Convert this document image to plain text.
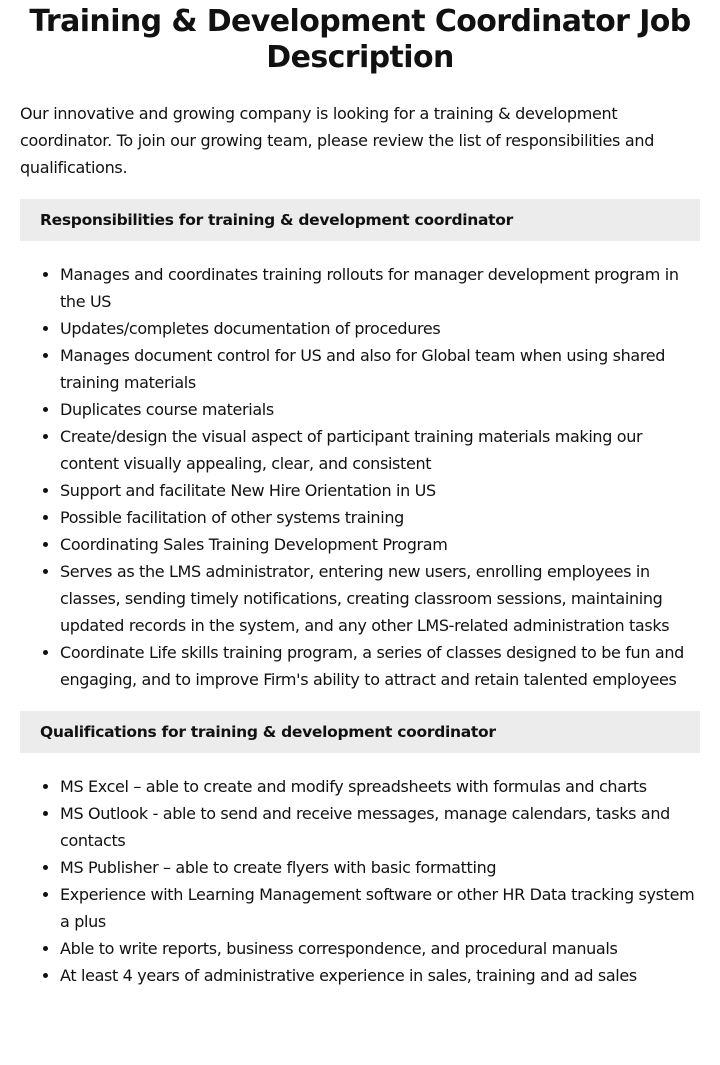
Training & Development Coordinator Job Description

Our innovative and growing company is looking for a training & development coordinator. To join our growing team, please review the list of responsibilities and qualifications.

Responsibilities for training & development coordinator
Manages and coordinates training rollouts for manager development program in the US
Updates/completes documentation of procedures
Manages document control for US and also for Global team when using shared training materials
Duplicates course materials
Create/design the visual aspect of participant training materials making our content visually appealing, clear, and consistent
Support and facilitate New Hire Orientation in US
Possible facilitation of other systems training
Coordinating Sales Training Development Program
Serves as the LMS administrator, entering new users, enrolling employees in classes, sending timely notifications, creating classroom sessions, maintaining updated records in the system, and any other LMS-related administration tasks
Coordinate Life skills training program, a series of classes designed to be fun and engaging, and to improve Firm's ability to attract and retain talented employees
Qualifications for training & development coordinator
MS Excel – able to create and modify spreadsheets with formulas and charts
MS Outlook - able to send and receive messages, manage calendars, tasks and contacts
MS Publisher – able to create flyers with basic formatting
Experience with Learning Management software or other HR Data tracking system a plus
Able to write reports, business correspondence, and procedural manuals
At least 4 years of administrative experience in sales, training and ad sales
